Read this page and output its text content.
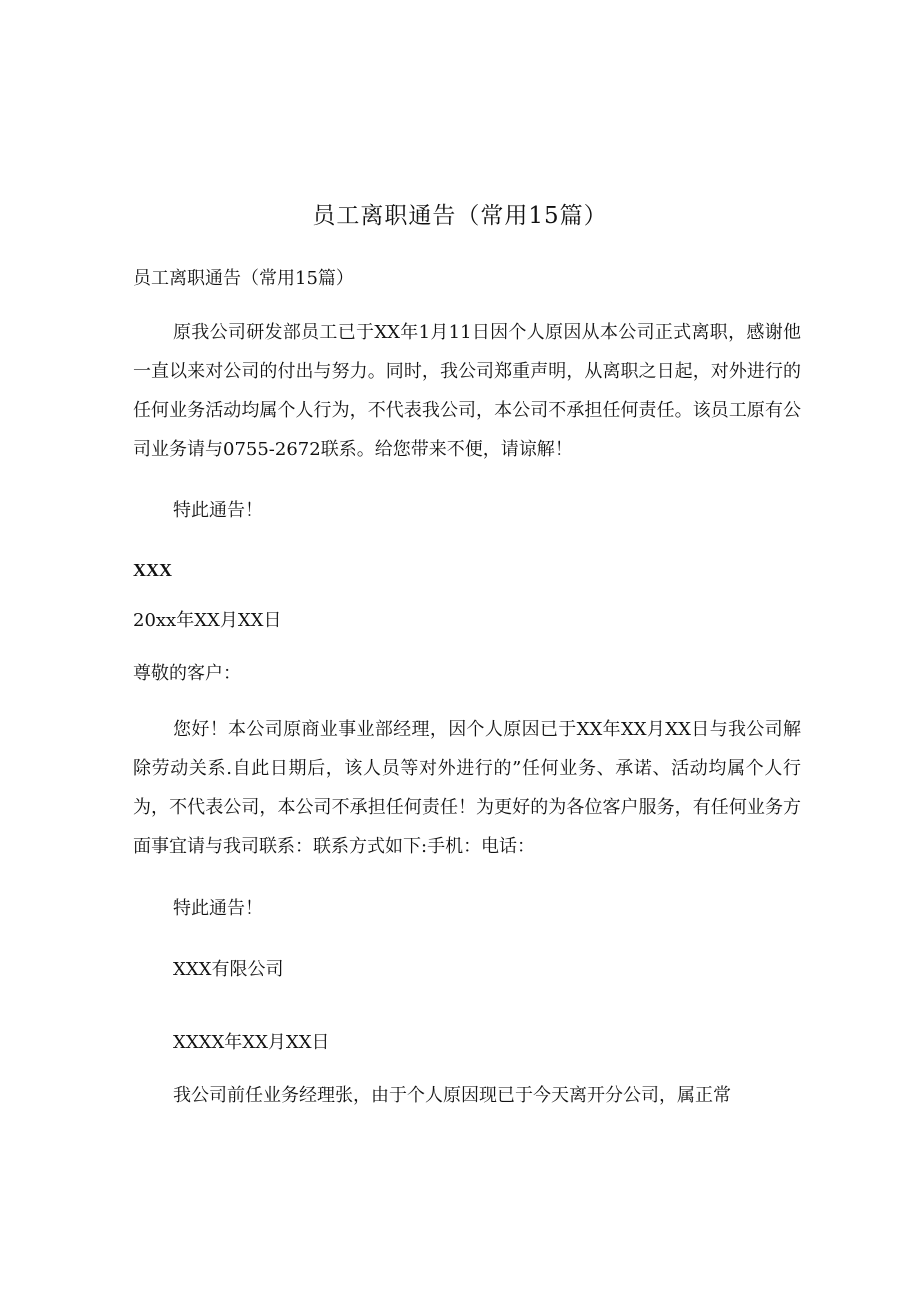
员工离职通告（常用15篇）
员工离职通告（常用15篇）

原我公司研发部员工已于XX年1月11日因个人原因从本公司正式离职，感谢他一直以来对公司的付出与努力。同时，我公司郑重声明，从离职之日起，对外进行的任何业务活动均属个人行为，不代表我公司，本公司不承担任何责任。该员工原有公司业务请与0755-2672联系。给您带来不便，请谅解！

特此通告！
XXX
20xx年XX月XX日
尊敬的客户：

您好！本公司原商业事业部经理，因个人原因已于XX年XX月XX日与我公司解除劳动关系.自此日期后，该人员等对外进行的”任何业务、承诺、活动均属个人行为，不代表公司，本公司不承担任何责任！为更好的为各位客户服务，有任何业务方面事宜请与我司联系：联系方式如下:手机：电话：

特此通告！
XXX有限公司
XXXX年XX月XX日
我公司前任业务经理张，由于个人原因现已于今天离开分公司，属正常
